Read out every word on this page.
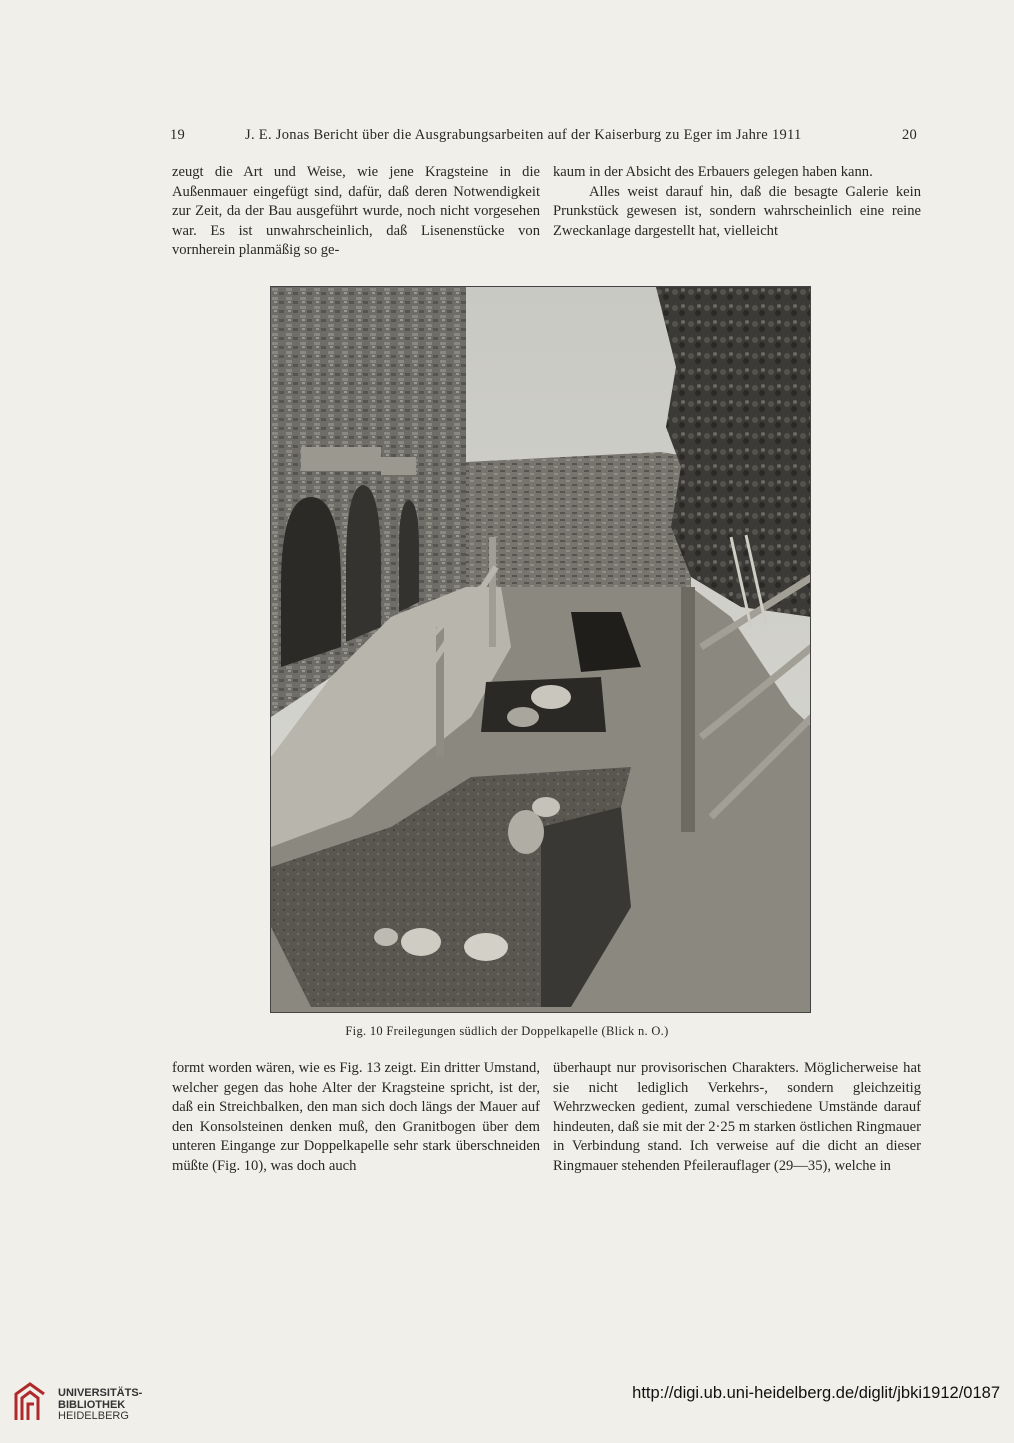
19	J. E. Jonas Bericht über die Ausgrabungsarbeiten auf der Kaiserburg zu Eger im Jahre 1911	20

zeugt die Art und Weise, wie jene Kragsteine in die Außenmauer eingefügt sind, dafür, daß deren Notwendigkeit zur Zeit, da der Bau ausgeführt wurde, noch nicht vorgesehen war. Es ist unwahrscheinlich, daß Lisenenstücke von vornherein planmäßig so ge-

kaum in der Absicht des Erbauers gelegen haben kann.

Alles weist darauf hin, daß die besagte Galerie kein Prunkstück gewesen ist, sondern wahrscheinlich eine reine Zweckanlage dargestellt hat, vielleicht

Fig. 10 Freilegungen südlich der Doppelkapelle (Blick n. O.)

formt worden wären, wie es Fig. 13 zeigt. Ein dritter Umstand, welcher gegen das hohe Alter der Kragsteine spricht, ist der, daß ein Streichbalken, den man sich doch längs der Mauer auf den Konsolsteinen denken muß, den Granitbogen über dem unteren Eingange zur Doppelkapelle sehr stark überschneiden müßte (Fig. 10), was doch auch

überhaupt nur provisorischen Charakters. Möglicherweise hat sie nicht lediglich Verkehrs-, sondern gleichzeitig Wehrzwecken gedient, zumal verschiedene Umstände darauf hindeuten, daß sie mit der 2·25 m starken östlichen Ringmauer in Verbindung stand. Ich verweise auf die dicht an dieser Ringmauer stehenden Pfeilerauflager (29—35), welche in

UNIVERSITÄTS-
BIBLIOTHEK
HEIDELBERG
http://digi.ub.uni-heidelberg.de/diglit/jbki1912/0187
